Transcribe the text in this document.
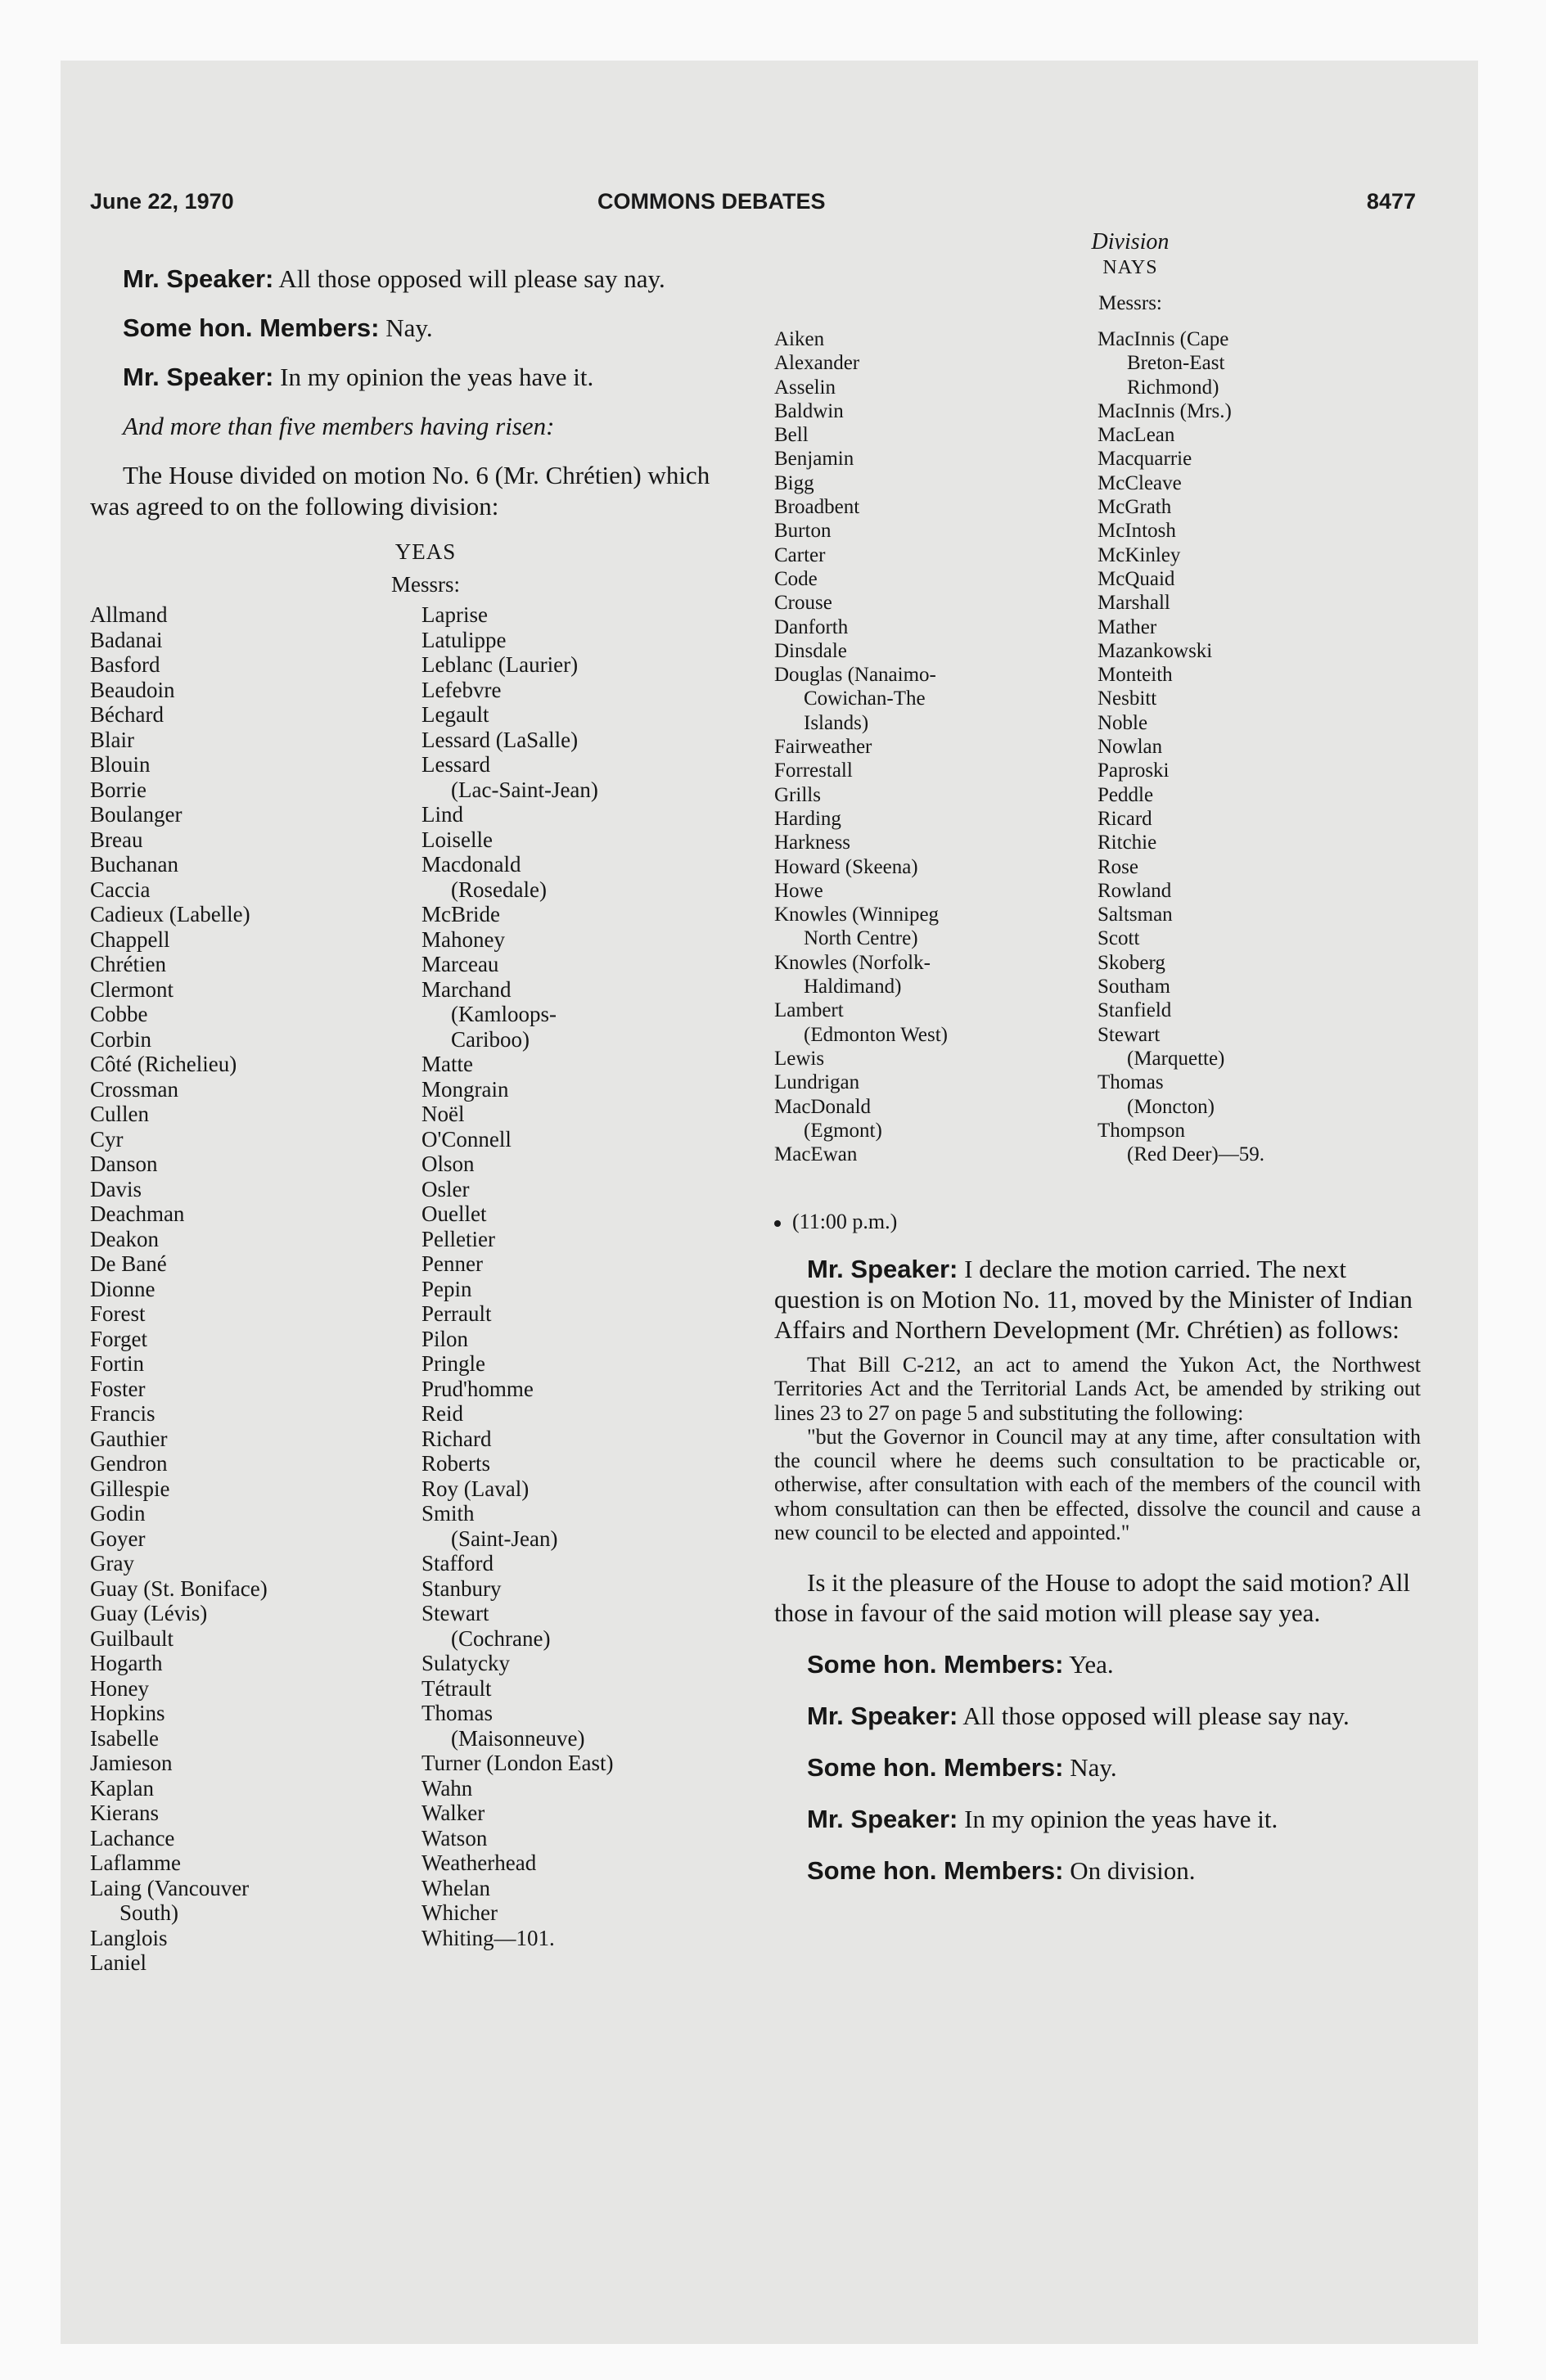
June 22, 1970	COMMONS DEBATES	8477

Mr. Speaker: All those opposed will please say nay.

Some hon. Members: Nay.

Mr. Speaker: In my opinion the yeas have it.

And more than five members having risen:

The House divided on motion No. 6 (Mr. Chrétien) which was agreed to on the following division:

YEAS

Messrs:

Allmand
Badanai
Basford
Beaudoin
Béchard
Blair
Blouin
Borrie
Boulanger
Breau
Buchanan
Caccia
Cadieux (Labelle)
Chappell
Chrétien
Clermont
Cobbe
Corbin
Côté (Richelieu)
Crossman
Cullen
Cyr
Danson
Davis
Deachman
Deakon
De Bané
Dionne
Forest
Forget
Fortin
Foster
Francis
Gauthier
Gendron
Gillespie
Godin
Goyer
Gray
Guay (St. Boniface)
Guay (Lévis)
Guilbault
Hogarth
Honey
Hopkins
Isabelle
Jamieson
Kaplan
Kierans
Lachance
Laflamme
Laing (Vancouver
South)
Langlois
Laniel
Laprise
Latulippe
Leblanc (Laurier)
Lefebvre
Legault
Lessard (LaSalle)
Lessard
(Lac-Saint-Jean)
Lind
Loiselle
Macdonald
(Rosedale)
McBride
Mahoney
Marceau
Marchand
(Kamloops-
Cariboo)
Matte
Mongrain
Noël
O'Connell
Olson
Osler
Ouellet
Pelletier
Penner
Pepin
Perrault
Pilon
Pringle
Prud'homme
Reid
Richard
Roberts
Roy (Laval)
Smith
(Saint-Jean)
Stafford
Stanbury
Stewart
(Cochrane)
Sulatycky
Tétrault
Thomas
(Maisonneuve)
Turner (London East)
Wahn
Walker
Watson
Weatherhead
Whelan
Whicher
Whiting—101.

Division

NAYS

Messrs:

Aiken
Alexander
Asselin
Baldwin
Bell
Benjamin
Bigg
Broadbent
Burton
Carter
Code
Crouse
Danforth
Dinsdale
Douglas (Nanaimo-
Cowichan-The
Islands)
Fairweather
Forrestall
Grills
Harding
Harkness
Howard (Skeena)
Howe
Knowles (Winnipeg
North Centre)
Knowles (Norfolk-
Haldimand)
Lambert
(Edmonton West)
Lewis
Lundrigan
MacDonald
(Egmont)
MacEwan
MacInnis (Cape
Breton-East
Richmond)
MacInnis (Mrs.)
MacLean
Macquarrie
McCleave
McGrath
McIntosh
McKinley
McQuaid
Marshall
Mather
Mazankowski
Monteith
Nesbitt
Noble
Nowlan
Paproski
Peddle
Ricard
Ritchie
Rose
Rowland
Saltsman
Scott
Skoberg
Southam
Stanfield
Stewart
(Marquette)
Thomas
(Moncton)
Thompson
(Red Deer)—59.

(11:00 p.m.)

Mr. Speaker: I declare the motion carried. The next question is on Motion No. 11, moved by the Minister of Indian Affairs and Northern Development (Mr. Chrétien) as follows:

That Bill C-212, an act to amend the Yukon Act, the Northwest Territories Act and the Territorial Lands Act, be amended by striking out lines 23 to 27 on page 5 and substituting the following:

"but the Governor in Council may at any time, after consultation with the council where he deems such consultation to be practicable or, otherwise, after consultation with each of the members of the council with whom consultation can then be effected, dissolve the council and cause a new council to be elected and appointed."

Is it the pleasure of the House to adopt the said motion? All those in favour of the said motion will please say yea.

Some hon. Members: Yea.

Mr. Speaker: All those opposed will please say nay.

Some hon. Members: Nay.

Mr. Speaker: In my opinion the yeas have it.

Some hon. Members: On division.
